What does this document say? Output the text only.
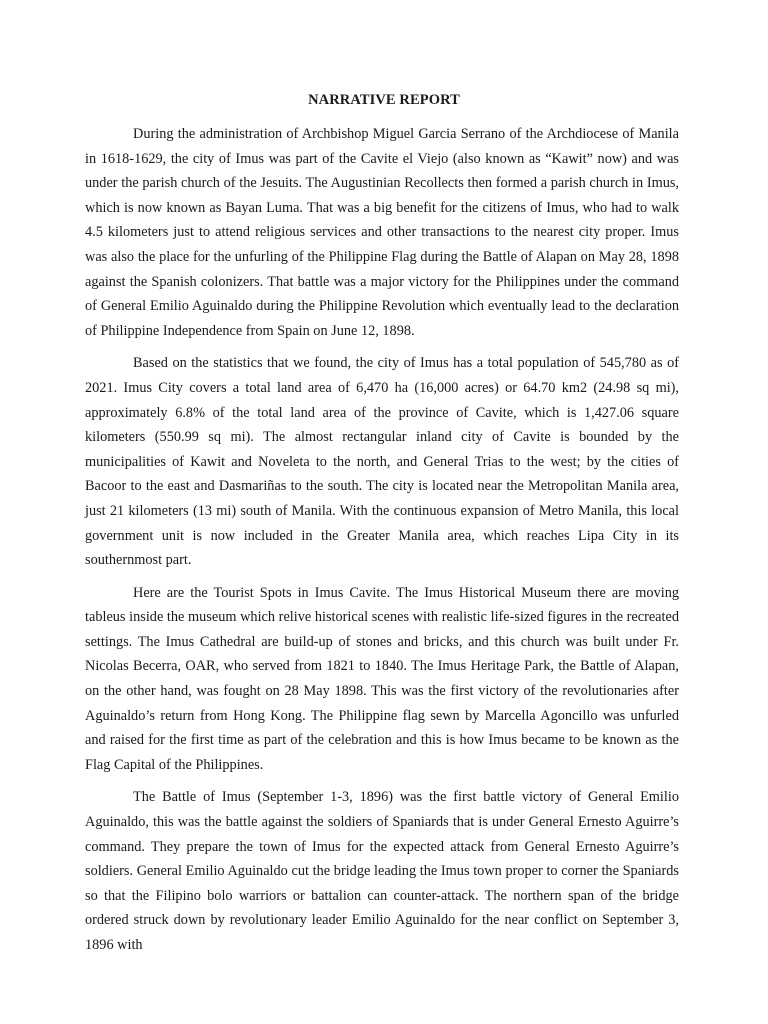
NARRATIVE REPORT

During the administration of Archbishop Miguel Garcia Serrano of the Archdiocese of Manila in 1618-1629, the city of Imus was part of the Cavite el Viejo (also known as “Kawit” now) and was under the parish church of the Jesuits. The Augustinian Recollects then formed a parish church in Imus, which is now known as Bayan Luma. That was a big benefit for the citizens of Imus, who had to walk 4.5 kilometers just to attend religious services and other transactions to the nearest city proper. Imus was also the place for the unfurling of the Philippine Flag during the Battle of Alapan on May 28, 1898 against the Spanish colonizers. That battle was a major victory for the Philippines under the command of General Emilio Aguinaldo during the Philippine Revolution which eventually lead to the declaration of Philippine Independence from Spain on June 12, 1898.

Based on the statistics that we found, the city of Imus has a total population of 545,780 as of 2021. Imus City covers a total land area of 6,470 ha (16,000 acres) or 64.70 km2 (24.98 sq mi), approximately 6.8% of the total land area of the province of Cavite, which is 1,427.06 square kilometers (550.99 sq mi). The almost rectangular inland city of Cavite is bounded by the municipalities of Kawit and Noveleta to the north, and General Trias to the west; by the cities of Bacoor to the east and Dasmariñas to the south. The city is located near the Metropolitan Manila area, just 21 kilometers (13 mi) south of Manila. With the continuous expansion of Metro Manila, this local government unit is now included in the Greater Manila area, which reaches Lipa City in its southernmost part.

Here are the Tourist Spots in Imus Cavite. The Imus Historical Museum there are moving tableus inside the museum which relive historical scenes with realistic life-sized figures in the recreated settings. The Imus Cathedral are build-up of stones and bricks, and this church was built under Fr. Nicolas Becerra, OAR, who served from 1821 to 1840. The Imus Heritage Park, the Battle of Alapan, on the other hand, was fought on 28 May 1898. This was the first victory of the revolutionaries after Aguinaldo’s return from Hong Kong. The Philippine flag sewn by Marcella Agoncillo was unfurled and raised for the first time as part of the celebration and this is how Imus became to be known as the Flag Capital of the Philippines.

The Battle of Imus (September 1-3, 1896) was the first battle victory of General Emilio Aguinaldo, this was the battle against the soldiers of Spaniards that is under General Ernesto Aguirre’s command. They prepare the town of Imus for the expected attack from General Ernesto Aguirre’s soldiers. General Emilio Aguinaldo cut the bridge leading the Imus town proper to corner the Spaniards so that the Filipino bolo warriors or battalion can counter-attack. The northern span of the bridge ordered struck down by revolutionary leader Emilio Aguinaldo for the near conflict on September 3, 1896 with
